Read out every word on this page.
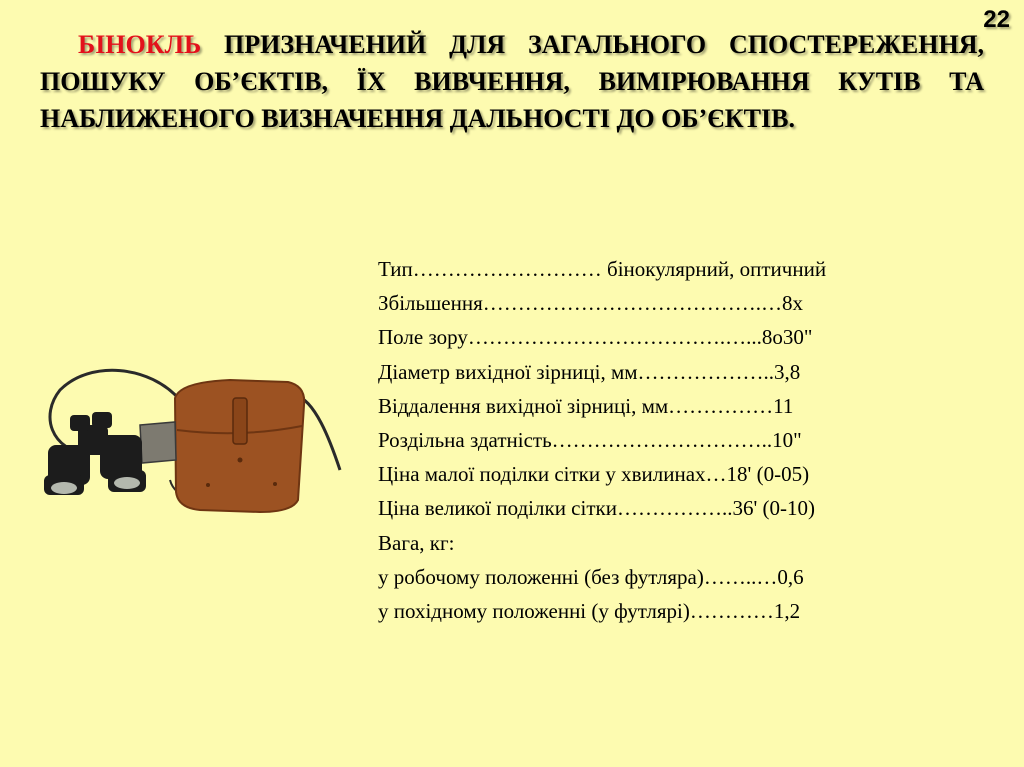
22

БІНОКЛЬ ПРИЗНАЧЕНИЙ ДЛЯ ЗАГАЛЬНОГО СПОСТЕРЕЖЕННЯ, ПОШУКУ ОБ’ЄКТІВ, ЇХ ВИВЧЕННЯ, ВИМІРЮВАННЯ КУТІВ ТА НАБЛИЖЕНОГО ВИЗНАЧЕННЯ ДАЛЬНОСТІ ДО ОБ’ЄКТІВ.

Тип……………………… бінокулярний, оптичний
Збільшення………………………………….…8х
Поле зору……………………………….…...8o30"
Діаметр вихідної зірниці, мм………………..3,8
Віддалення вихідної зірниці, мм……………11
Роздільна здатність…………………………..10"
Ціна малої поділки сітки у хвилинах…18' (0-05)
Ціна великої поділки сітки……………..36' (0-10)
Вага, кг:
у робочому положенні (без футляра)……..…0,6
у похідному положенні (у футлярі)…………1,2
